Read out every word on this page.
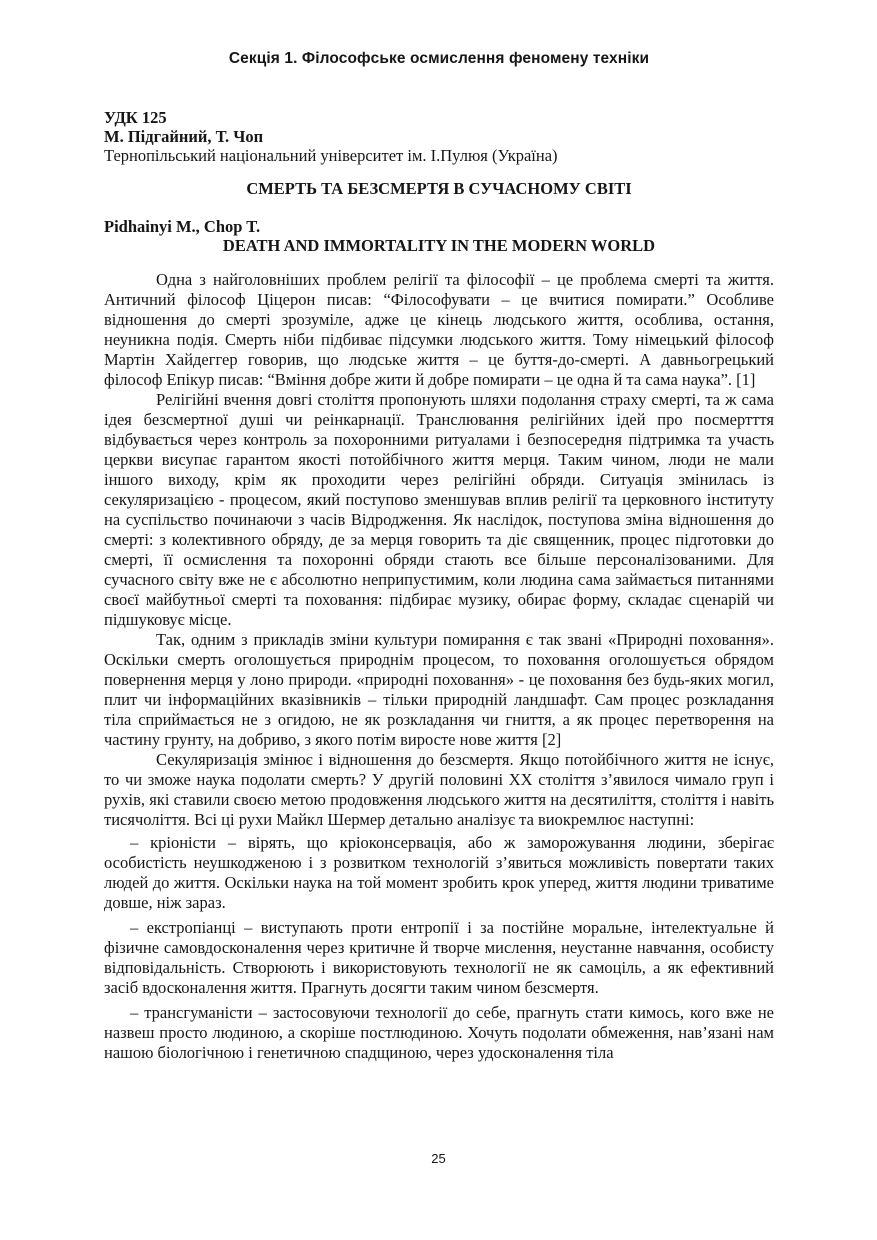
Секція 1. Філософське осмислення феномену техніки
УДК 125
М. Підгайний, Т. Чоп
Тернопільський національний університет ім. І.Пулюя (Україна)
СМЕРТЬ ТА БЕЗСМЕРТЯ В СУЧАСНОМУ СВІТІ
Pidhainyi M., Chop T.
DEATH AND IMMORTALITY IN THE MODERN WORLD

Одна з найголовніших проблем релігії та філософії – це проблема смерті та життя. Античний філософ Ціцерон писав: “Філософувати – це вчитися помирати.” Особливе відношення до смерті зрозуміле, адже це кінець людського життя, особлива, остання, неуникна подія. Смерть ніби підбиває підсумки людського життя. Тому німецький філософ Мартін Хайдеггер говорив, що людське життя – це буття-до-смерті. А давньогрецький філософ Епікур писав: “Вміння добре жити й добре помирати – це одна й та сама наука”. [1]

Релігійні вчення довгі століття пропонують шляхи подолання страху смерті, та ж сама ідея безсмертної душі чи реінкарнації. Транслювання релігійних ідей про посмертття відбувається через контроль за похоронними ритуалами і безпосередня підтримка та участь церкви висупає гарантом якості потойбічного життя мерця. Таким чином, люди не мали іншого виходу, крім як проходити через релігійні обряди. Ситуація змінилась із секуляризацією - процесом, який поступово зменшував вплив релігії та церковного інституту на суспільство починаючи з часів Відродження. Як наслідок, поступова зміна відношення до смерті: з колективного обряду, де за мерця говорить та діє священник, процес підготовки до смерті, її осмислення та похоронні обряди стають все більше персоналізованими. Для сучасного світу вже не є абсолютно неприпустимим, коли людина сама займається питаннями своєї майбутньої смерті та поховання: підбирає музику, обирає форму, складає сценарій чи підшуковує місце.

Так, одним з прикладів зміни культури помирання є так звані «Природні поховання». Оскільки смерть оголошується природнім процесом, то поховання оголошується обрядом повернення мерця у лоно природи. «природні поховання» - це поховання без будь-яких могил, плит чи інформаційних вказівників – тільки природній ландшафт. Сам процес розкладання тіла сприймається не з огидою, не як розкладання чи гниття, а як процес перетворення на частину грунту, на добриво, з якого потім виросте нове життя [2]

Секуляризація змінює і відношення до безсмертя. Якщо потойбічного життя не існує, то чи зможе наука подолати смерть? У другій половині ХХ століття з’явилося чимало груп і рухів, які ставили своєю метою продовження людського життя на десятиліття, століття і навіть тисячоліття. Всі ці рухи Майкл Шермер детально аналізує та виокремлює наступні:

– кріоністи – вірять, що кріоконсервація, або ж заморожування людини, зберігає особистість неушкодженою і з розвитком технологій з’явиться можливість повертати таких людей до життя. Оскільки наука на той момент зробить крок уперед, життя людини триватиме довше, ніж зараз.

– екстропіанці – виступають проти ентропії і за постійне моральне, інтелектуальне й фізичне самовдосконалення через критичне й творче мислення, неустанне навчання, особисту відповідальність. Створюють і використовують технології не як самоціль, а як ефективний засіб вдосконалення життя. Прагнуть досягти таким чином безсмертя.

– трансгуманісти – застосовуючи технології до себе, прагнуть стати кимось, кого вже не назвеш просто людиною, а скоріше постлюдиною. Хочуть подолати обмеження, нав’язані нам нашою біологічною і генетичною спадщиною, через удосконалення тіла

25
